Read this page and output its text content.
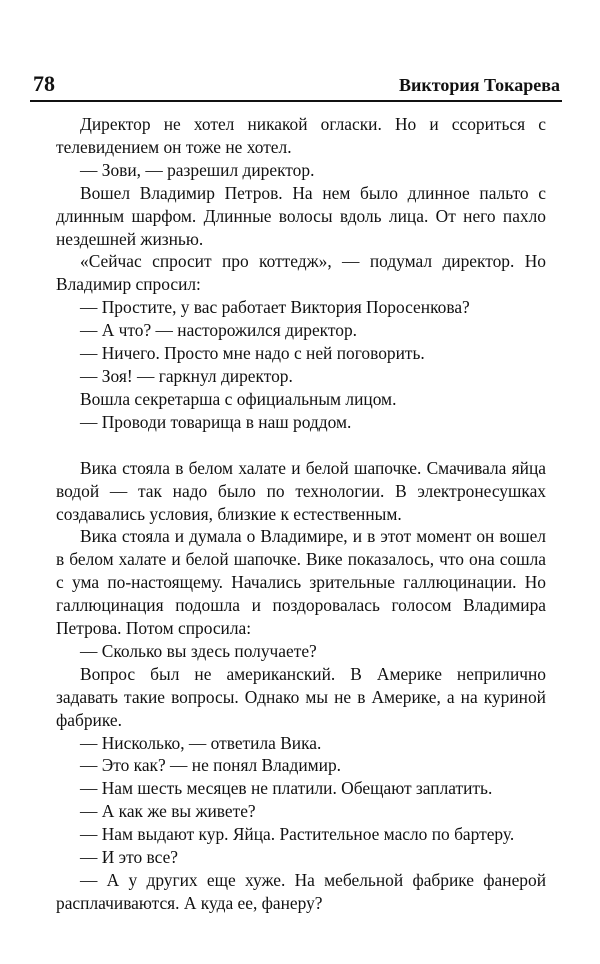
78	Виктория Токарева

Директор не хотел никакой огласки. Но и ссориться с телевидением он тоже не хотел.

— Зови, — разрешил директор.

Вошел Владимир Петров. На нем было длинное пальто с длинным шарфом. Длинные волосы вдоль лица. От него пахло нездешней жизнью.

«Сейчас спросит про коттедж», — подумал директор. Но Владимир спросил:

— Простите, у вас работает Виктория Поросенкова?

— А что? — насторожился директор.

— Ничего. Просто мне надо с ней поговорить.

— Зоя! — гаркнул директор.

Вошла секретарша с официальным лицом.

— Проводи товарища в наш роддом.

Вика стояла в белом халате и белой шапочке. Смачивала яйца водой — так надо было по технологии. В электронесушках создавались условия, близкие к естественным.

Вика стояла и думала о Владимире, и в этот момент он вошел в белом халате и белой шапочке. Вике показалось, что она сошла с ума по-настоящему. Начались зрительные галлюцинации. Но галлюцинация подошла и поздоровалась голосом Владимира Петрова. Потом спросила:

— Сколько вы здесь получаете?

Вопрос был не американский. В Америке неприлично задавать такие вопросы. Однако мы не в Америке, а на куриной фабрике.

— Нисколько, — ответила Вика.

— Это как? — не понял Владимир.

— Нам шесть месяцев не платили. Обещают заплатить.

— А как же вы живете?

— Нам выдают кур. Яйца. Растительное масло по бартеру.

— И это все?

— А у других еще хуже. На мебельной фабрике фанерой расплачиваются. А куда ее, фанеру?
